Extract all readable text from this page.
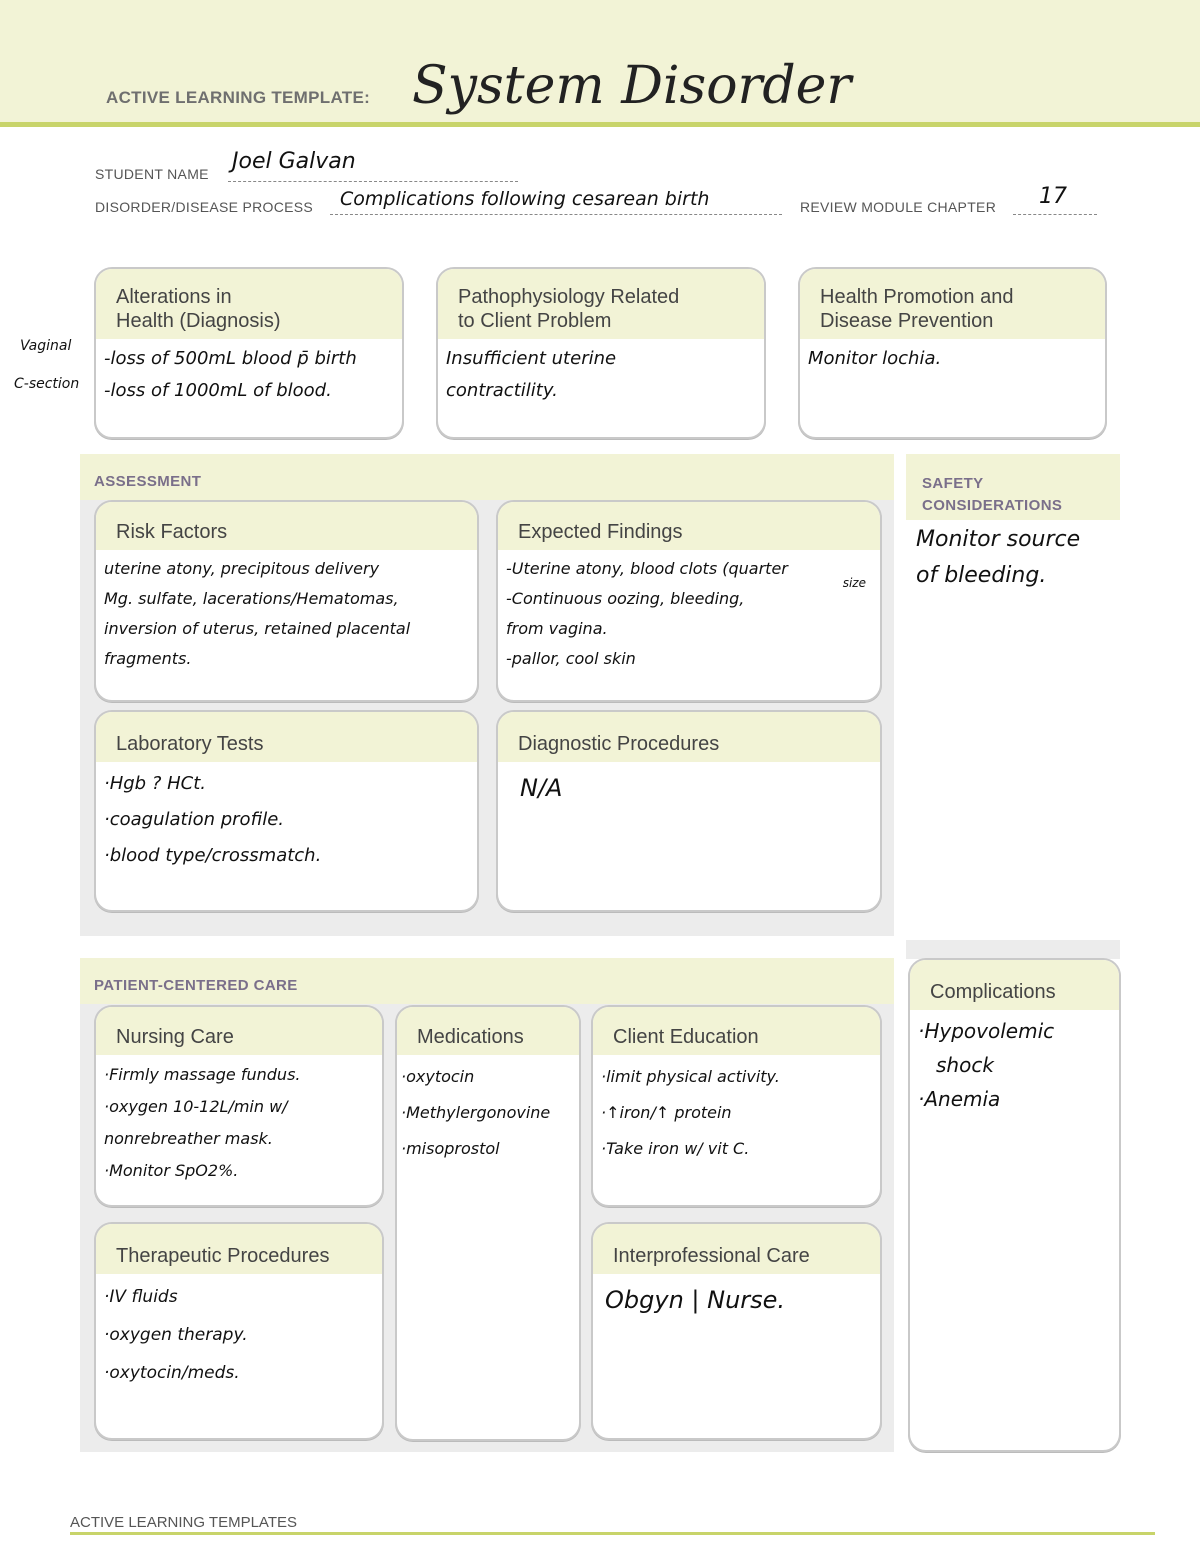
ACTIVE LEARNING TEMPLATE: System Disorder
STUDENT NAME Joel Galvan
DISORDER/DISEASE PROCESS Complications following cesarean birth	REVIEW MODULE CHAPTER 17
Vaginal
C-section
Alterations in
Health (Diagnosis)
-loss of 500mL blood p̄ birth
-loss of 1000mL of blood.
Pathophysiology Related
to Client Problem
Insufficient uterine
contractility.
Health Promotion and
Disease Prevention
Monitor lochia.
ASSESSMENT
Risk Factors
uterine atony, precipitous delivery
Mg. sulfate, lacerations/Hematomas,
inversion of uterus, retained placental
fragments.
Expected Findings
-Uterine atony, blood clots (quarter
-Continuous oozing, bleeding,
from vagina.
-pallor, cool skin
size
Laboratory Tests
·Hgb ? HCt.
·coagulation profile.
·blood type/crossmatch.
Diagnostic Procedures
N/A
SAFETY
CONSIDERATIONS
Monitor source
of bleeding.
PATIENT-CENTERED CARE
Nursing Care
·Firmly massage fundus.
·oxygen 10-12L/min w/
nonrebreather mask.
·Monitor SpO2%.
Medications
·oxytocin
·Methylergonovine
·misoprostol
Client Education
·limit physical activity.
·↑iron/↑ protein
·Take iron w/ vit C.
Therapeutic Procedures
·IV fluids
·oxygen therapy.
·oxytocin/meds.
Interprofessional Care
Obgyn | Nurse.
Complications
·Hypovolemic
shock
·Anemia
ACTIVE LEARNING TEMPLATES
